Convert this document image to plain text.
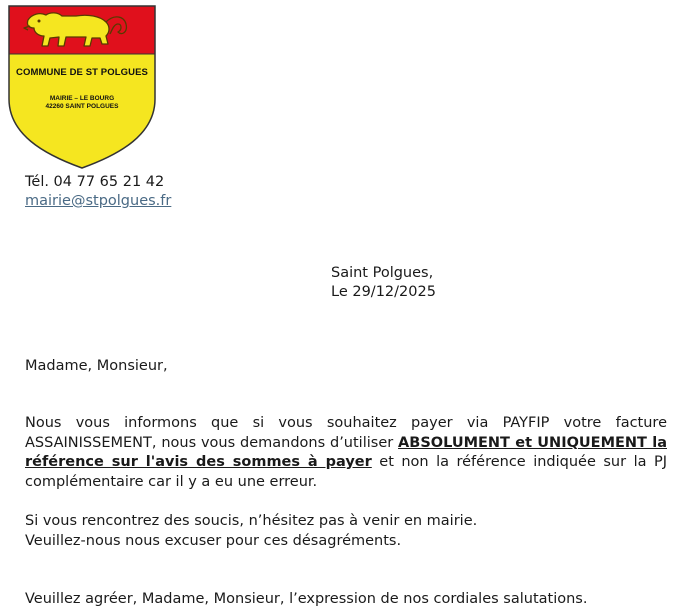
COMMUNE DE ST POLGUES
MAIRIE – LE BOURG
42260 SAINT POLGUES
Tél. 04 77 65 21 42
mairie@stpolgues.fr
Saint Polgues,
Le 29/12/2025
Madame, Monsieur,
Nous vous informons que si vous souhaitez payer via PAYFIP votre facture ASSAINISSEMENT, nous vous demandons d’utiliser ABSOLUMENT et UNIQUEMENT la référence sur l'avis des sommes à payer et non la référence indiquée sur la PJ complémentaire car il y a eu une erreur.
Si vous rencontrez des soucis, n’hésitez pas à venir en mairie.
Veuillez-nous nous excuser pour ces désagréments.
Veuillez agréer, Madame, Monsieur, l’expression de nos cordiales salutations.
